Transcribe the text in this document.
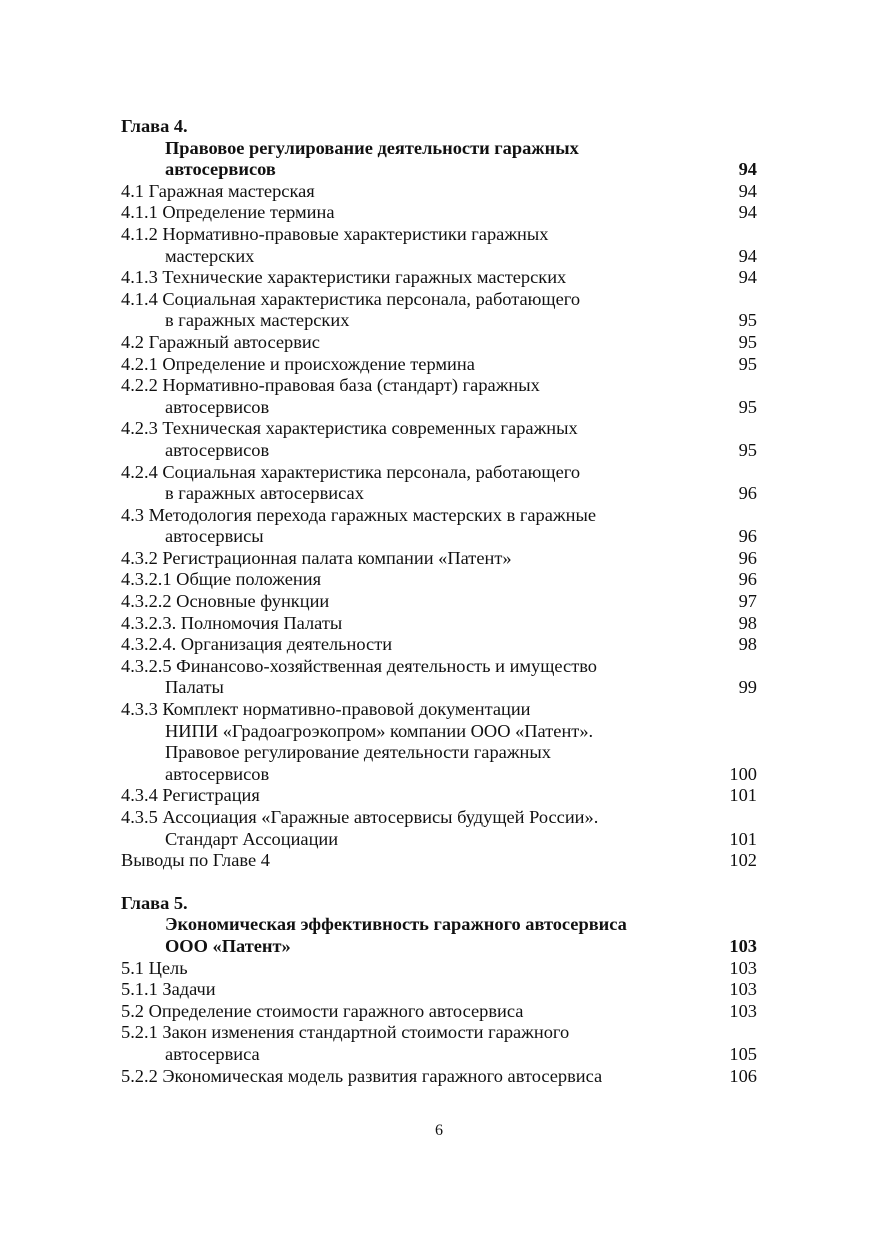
Глава 4.
Правовое регулирование деятельности гаражных
автосервисов	94
4.1 Гаражная мастерская	94
4.1.1 Определение термина	94
4.1.2 Нормативно-правовые характеристики гаражных
мастерских	94
4.1.3 Технические характеристики гаражных мастерских	94
4.1.4 Социальная характеристика персонала, работающего
в гаражных мастерских	95
4.2 Гаражный автосервис	95
4.2.1 Определение и происхождение термина	95
4.2.2 Нормативно-правовая база (стандарт) гаражных
автосервисов	95
4.2.3 Техническая характеристика современных гаражных
автосервисов	95
4.2.4 Социальная характеристика персонала, работающего
в гаражных автосервисах	96
4.3 Методология перехода гаражных мастерских в гаражные
автосервисы	96
4.3.2 Регистрационная палата компании «Патент»	96
4.3.2.1 Общие положения	96
4.3.2.2 Основные функции	97
4.3.2.3. Полномочия Палаты	98
4.3.2.4. Организация деятельности	98
4.3.2.5 Финансово-хозяйственная деятельность и имущество
Палаты	99
4.3.3 Комплект нормативно-правовой документации
НИПИ «Градоагроэкопром» компании ООО «Патент».
Правовое регулирование деятельности гаражных
автосервисов	100
4.3.4 Регистрация	101
4.3.5 Ассоциация «Гаражные автосервисы будущей России».
Стандарт Ассоциации	101
Выводы по Главе 4	102
Глава 5.
Экономическая эффективность гаражного автосервиса
ООО «Патент»	103
5.1 Цель	103
5.1.1 Задачи	103
5.2 Определение стоимости гаражного автосервиса	103
5.2.1 Закон изменения стандартной стоимости гаражного
автосервиса	105
5.2.2 Экономическая модель развития гаражного автосервиса	106
6
